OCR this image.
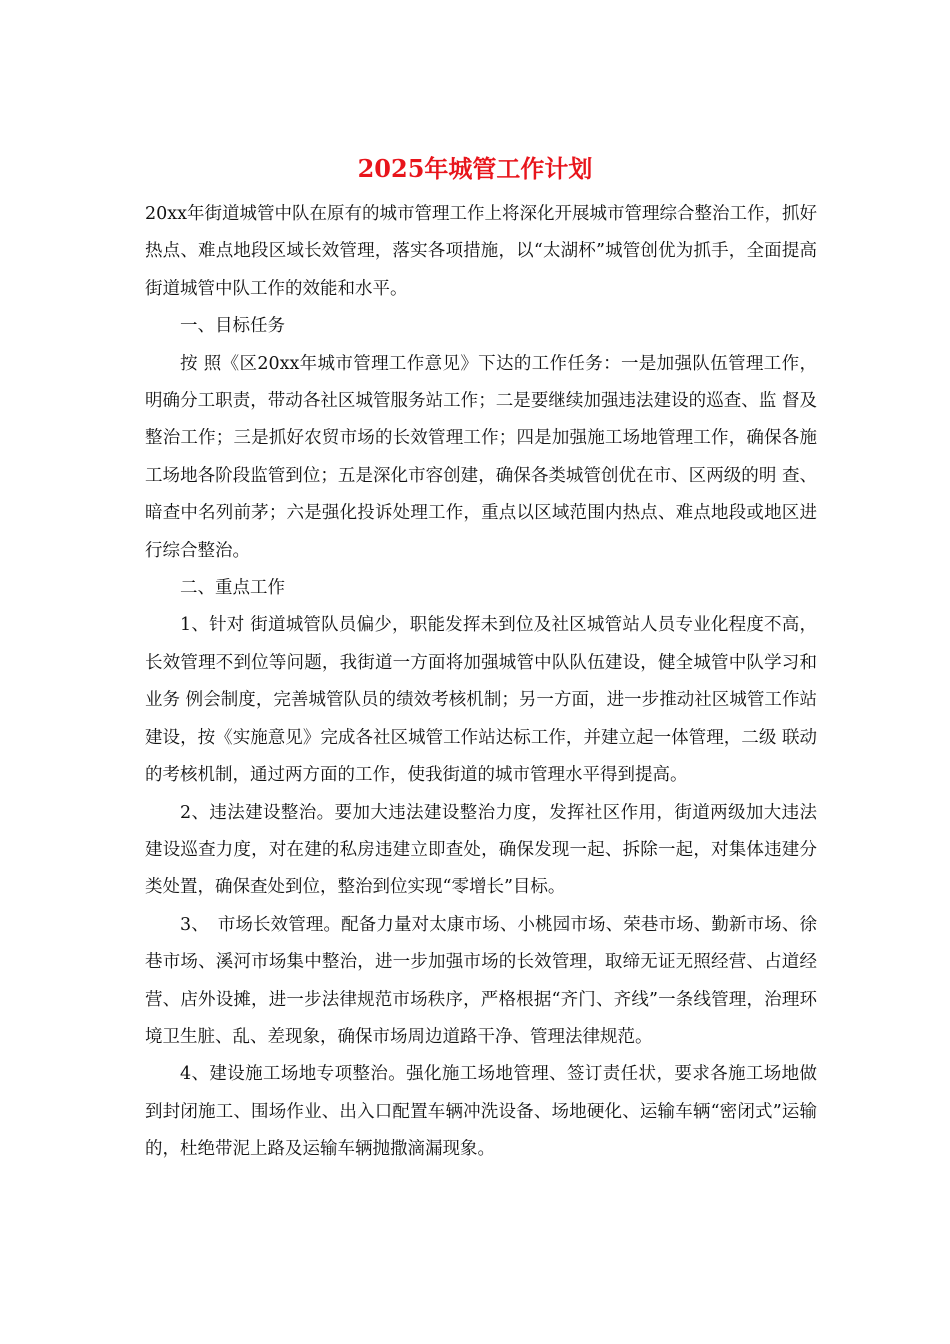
2025年城管工作计划

20xx年街道城管中队在原有的城市管理工作上将深化开展城市管理综合整治工作，抓好热点、难点地段区域长效管理，落实各项措施，以“太湖杯”城管创优为抓手，全面提高街道城管中队工作的效能和水平。

一、目标任务

按 照《区20xx年城市管理工作意见》下达的工作任务：一是加强队伍管理工作，明确分工职责，带动各社区城管服务站工作；二是要继续加强违法建设的巡查、监 督及整治工作；三是抓好农贸市场的长效管理工作；四是加强施工场地管理工作，确保各施工场地各阶段监管到位；五是深化市容创建，确保各类城管创优在市、区两级的明 查、暗查中名列前茅；六是强化投诉处理工作，重点以区域范围内热点、难点地段或地区进行综合整治。

二、重点工作

1、针对 街道城管队员偏少，职能发挥未到位及社区城管站人员专业化程度不高，长效管理不到位等问题，我街道一方面将加强城管中队队伍建设，健全城管中队学习和业务 例会制度，完善城管队员的绩效考核机制；另一方面，进一步推动社区城管工作站建设，按《实施意见》完成各社区城管工作站达标工作，并建立起一体管理，二级 联动的考核机制，通过两方面的工作，使我街道的城市管理水平得到提高。

2、违法建设整治。要加大违法建设整治力度，发挥社区作用，街道两级加大违法建设巡查力度，对在建的私房违建立即查处，确保发现一起、拆除一起，对集体违建分类处置，确保查处到位，整治到位实现“零增长”目标。

3、　市场长效管理。配备力量对太康市场、小桃园市场、荣巷市场、勤新市场、徐巷市场、溪河市场集中整治，进一步加强市场的长效管理，取缔无证无照经营、占道经 营、店外设摊，进一步法律规范市场秩序，严格根据“齐门、齐线”一条线管理，治理环境卫生脏、乱、差现象，确保市场周边道路干净、管理法律规范。

4、建设施工场地专项整治。强化施工场地管理、签订责任状，要求各施工场地做到封闭施工、围场作业、出入口配置车辆冲洗设备、场地硬化、运输车辆“密闭式”运输的，杜绝带泥上路及运输车辆抛撒滴漏现象。
